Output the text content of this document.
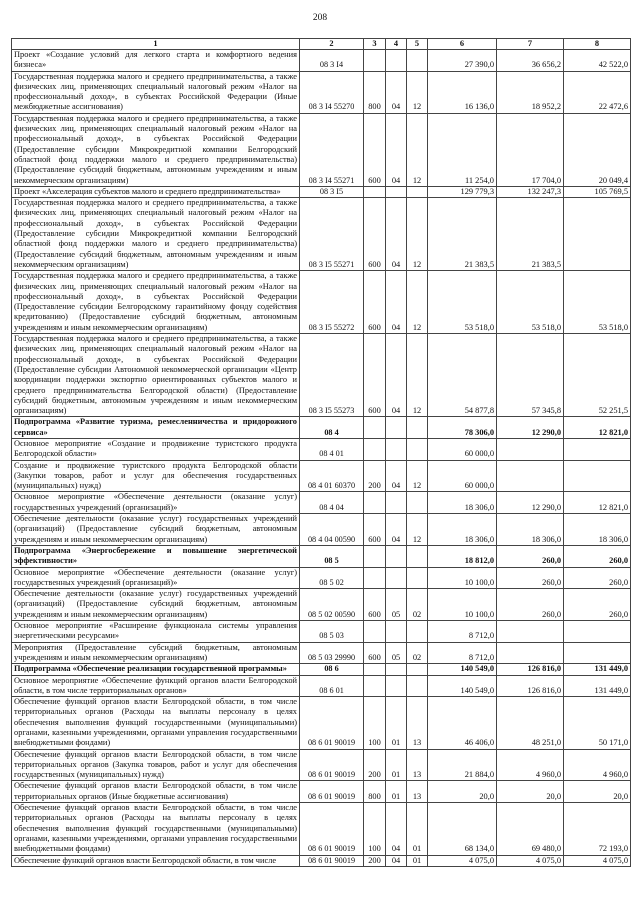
208
1	2	3	4	5	6	7	8
Проект «Создание условий для легкого старта и комфортного ведения бизнеса»	08 3 I4				27 390,0	36 656,2	42 522,0
Государственная поддержка малого и среднего предпринимательства, а также физических лиц, применяющих специальный налоговый режим «Налог на профессиональный доход», в субъектах Российской Федерации (Иные межбюджетные ассигнования)	08 3 I4 55270	800	04	12	16 136,0	18 952,2	22 472,6
Государственная поддержка малого и среднего предпринимательства, а также физических лиц, применяющих специальный налоговый режим «Налог на профессиональный доход», в субъектах Российской Федерации (Предоставление субсидии Микрокредитной компании Белгородский областной фонд поддержки малого и среднего предпринимательства) (Предоставление субсидий бюджетным, автономным учреждениям и иным некоммерческим организациям)	08 3 I4 55271	600	04	12	11 254,0	17 704,0	20 049,4
Проект «Акселерация субъектов малого и среднего предпринимательства»	08 3 I5				129 779,3	132 247,3	105 769,5
Государственная поддержка малого и среднего предпринимательства, а также физических лиц, применяющих специальный налоговый режим «Налог на профессиональный доход», в субъектах Российской Федерации (Предоставление субсидии Микрокредитной компании Белгородский областной фонд поддержки малого и среднего предпринимательства) (Предоставление субсидий бюджетным, автономным учреждениям и иным некоммерческим организациям)	08 3 I5 55271	600	04	12	21 383,5	21 383,5	
Государственная поддержка малого и среднего предпринимательства, а также физических лиц, применяющих специальный налоговый режим «Налог на профессиональный доход», в субъектах Российской Федерации (Предоставление субсидии Белгородскому гарантийному фонду содействия кредитованию) (Предоставление субсидий бюджетным, автономным учреждениям и иным некоммерческим организациям)	08 3 I5 55272	600	04	12	53 518,0	53 518,0	53 518,0
Государственная поддержка малого и среднего предпринимательства, а также физических лиц, применяющих специальный налоговый режим «Налог на профессиональный доход», в субъектах Российской Федерации (Предоставление субсидии Автономной некоммерческой организации «Центр координации поддержки экспортно ориентированных субъектов малого и среднего предпринимательства Белгородской области) (Предоставление субсидий бюджетным, автономным учреждениям и иным некоммерческим организациям)	08 3 I5 55273	600	04	12	54 877,8	57 345,8	52 251,5
Подпрограмма «Развитие туризма, ремесленничества и придорожного сервиса»	08 4				78 306,0	12 290,0	12 821,0
Основное мероприятие «Создание и продвижение туристского продукта Белгородской области»	08 4 01				60 000,0		
Создание и продвижение туристского продукта Белгородской области (Закупки товаров, работ и услуг для обеспечения государственных (муниципальных) нужд)	08 4 01 60370	200	04	12	60 000,0		
Основное мероприятие «Обеспечение деятельности (оказание услуг) государственных учреждений (организаций)»	08 4 04				18 306,0	12 290,0	12 821,0
Обеспечение деятельности (оказание услуг) государственных учреждений (организаций) (Предоставление субсидий бюджетным, автономным учреждениям и иным некоммерческим организациям)	08 4 04 00590	600	04	12	18 306,0	18 306,0	18 306,0
Подпрограмма «Энергосбережение и повышение энергетической эффективности»	08 5				18 812,0	260,0	260,0
Основное мероприятие «Обеспечение деятельности (оказание услуг) государственных учреждений (организаций)»	08 5 02				10 100,0	260,0	260,0
Обеспечение деятельности (оказание услуг) государственных учреждений (организаций) (Предоставление субсидий бюджетным, автономным учреждениям и иным некоммерческим организациям)	08 5 02 00590	600	05	02	10 100,0	260,0	260,0
Основное мероприятие «Расширение функционала системы управления энергетическими ресурсами»	08 5 03				8 712,0		
Мероприятия (Предоставление субсидий бюджетным, автономным учреждениям и иным некоммерческим организациям)	08 5 03 29990	600	05	02	8 712,0		
Подпрограмма «Обеспечение реализации государственной программы»	08 6				140 549,0	126 816,0	131 449,0
Основное мероприятие «Обеспечение функций органов власти Белгородской области, в том числе территориальных органов»	08 6 01				140 549,0	126 816,0	131 449,0
Обеспечение функций органов власти Белгородской области, в том числе территориальных органов (Расходы на выплаты персоналу в целях обеспечения выполнения функций государственными (муниципальными) органами, казенными учреждениями, органами управления государственными внебюджетными фондами)	08 6 01 90019	100	01	13	46 406,0	48 251,0	50 171,0
Обеспечение функций органов власти Белгородской области, в том числе территориальных органов (Закупка товаров, работ и услуг для обеспечения государственных (муниципальных) нужд)	08 6 01 90019	200	01	13	21 884,0	4 960,0	4 960,0
Обеспечение функций органов власти Белгородской области, в том числе территориальных органов (Иные бюджетные ассигнования)	08 6 01 90019	800	01	13	20,0	20,0	20,0
Обеспечение функций органов власти Белгородской области, в том числе территориальных органов (Расходы на выплаты персоналу в целях обеспечения выполнения функций государственными (муниципальными) органами, казенными учреждениями, органами управления государственными внебюджетными фондами)	08 6 01 90019	100	04	01	68 134,0	69 480,0	72 193,0
Обеспечение функций органов власти Белгородской области, в том числе	08 6 01 90019	200	04	01	4 075,0	4 075,0	4 075,0
